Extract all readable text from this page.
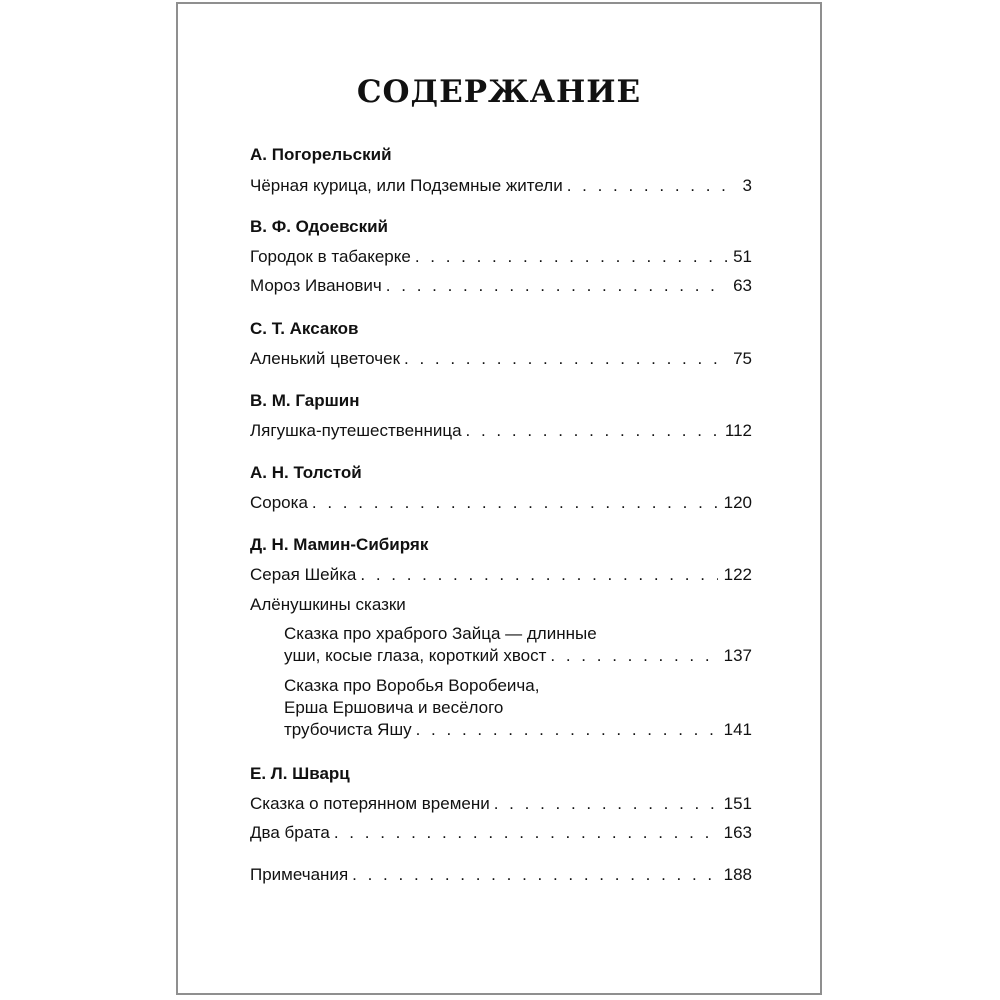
СОДЕРЖАНИЕ
А. Погорельский
Чёрная курица, или Подземные жители . . .	3
В. Ф. Одоевский
Городок в табакерке . . .	51
Мороз Иванович . . .	63
С. Т. Аксаков
Аленький цветочек . . .	75
В. М. Гаршин
Лягушка-путешественница . . .	112
А. Н. Толстой
Сорока . . .	120
Д. Н. Мамин-Сибиряк
Серая Шейка . . .	122
Алёнушкины сказки
Сказка про храброго Зайца — длинные
уши, косые глаза, короткий хвост . . .	137
Сказка про Воробья Воробеича,
Ерша Ершовича и весёлого
трубочиста Яшу . . .	141
Е. Л. Шварц
Сказка о потерянном времени . . .	151
Два брата . . .	163
Примечания . . .	188
